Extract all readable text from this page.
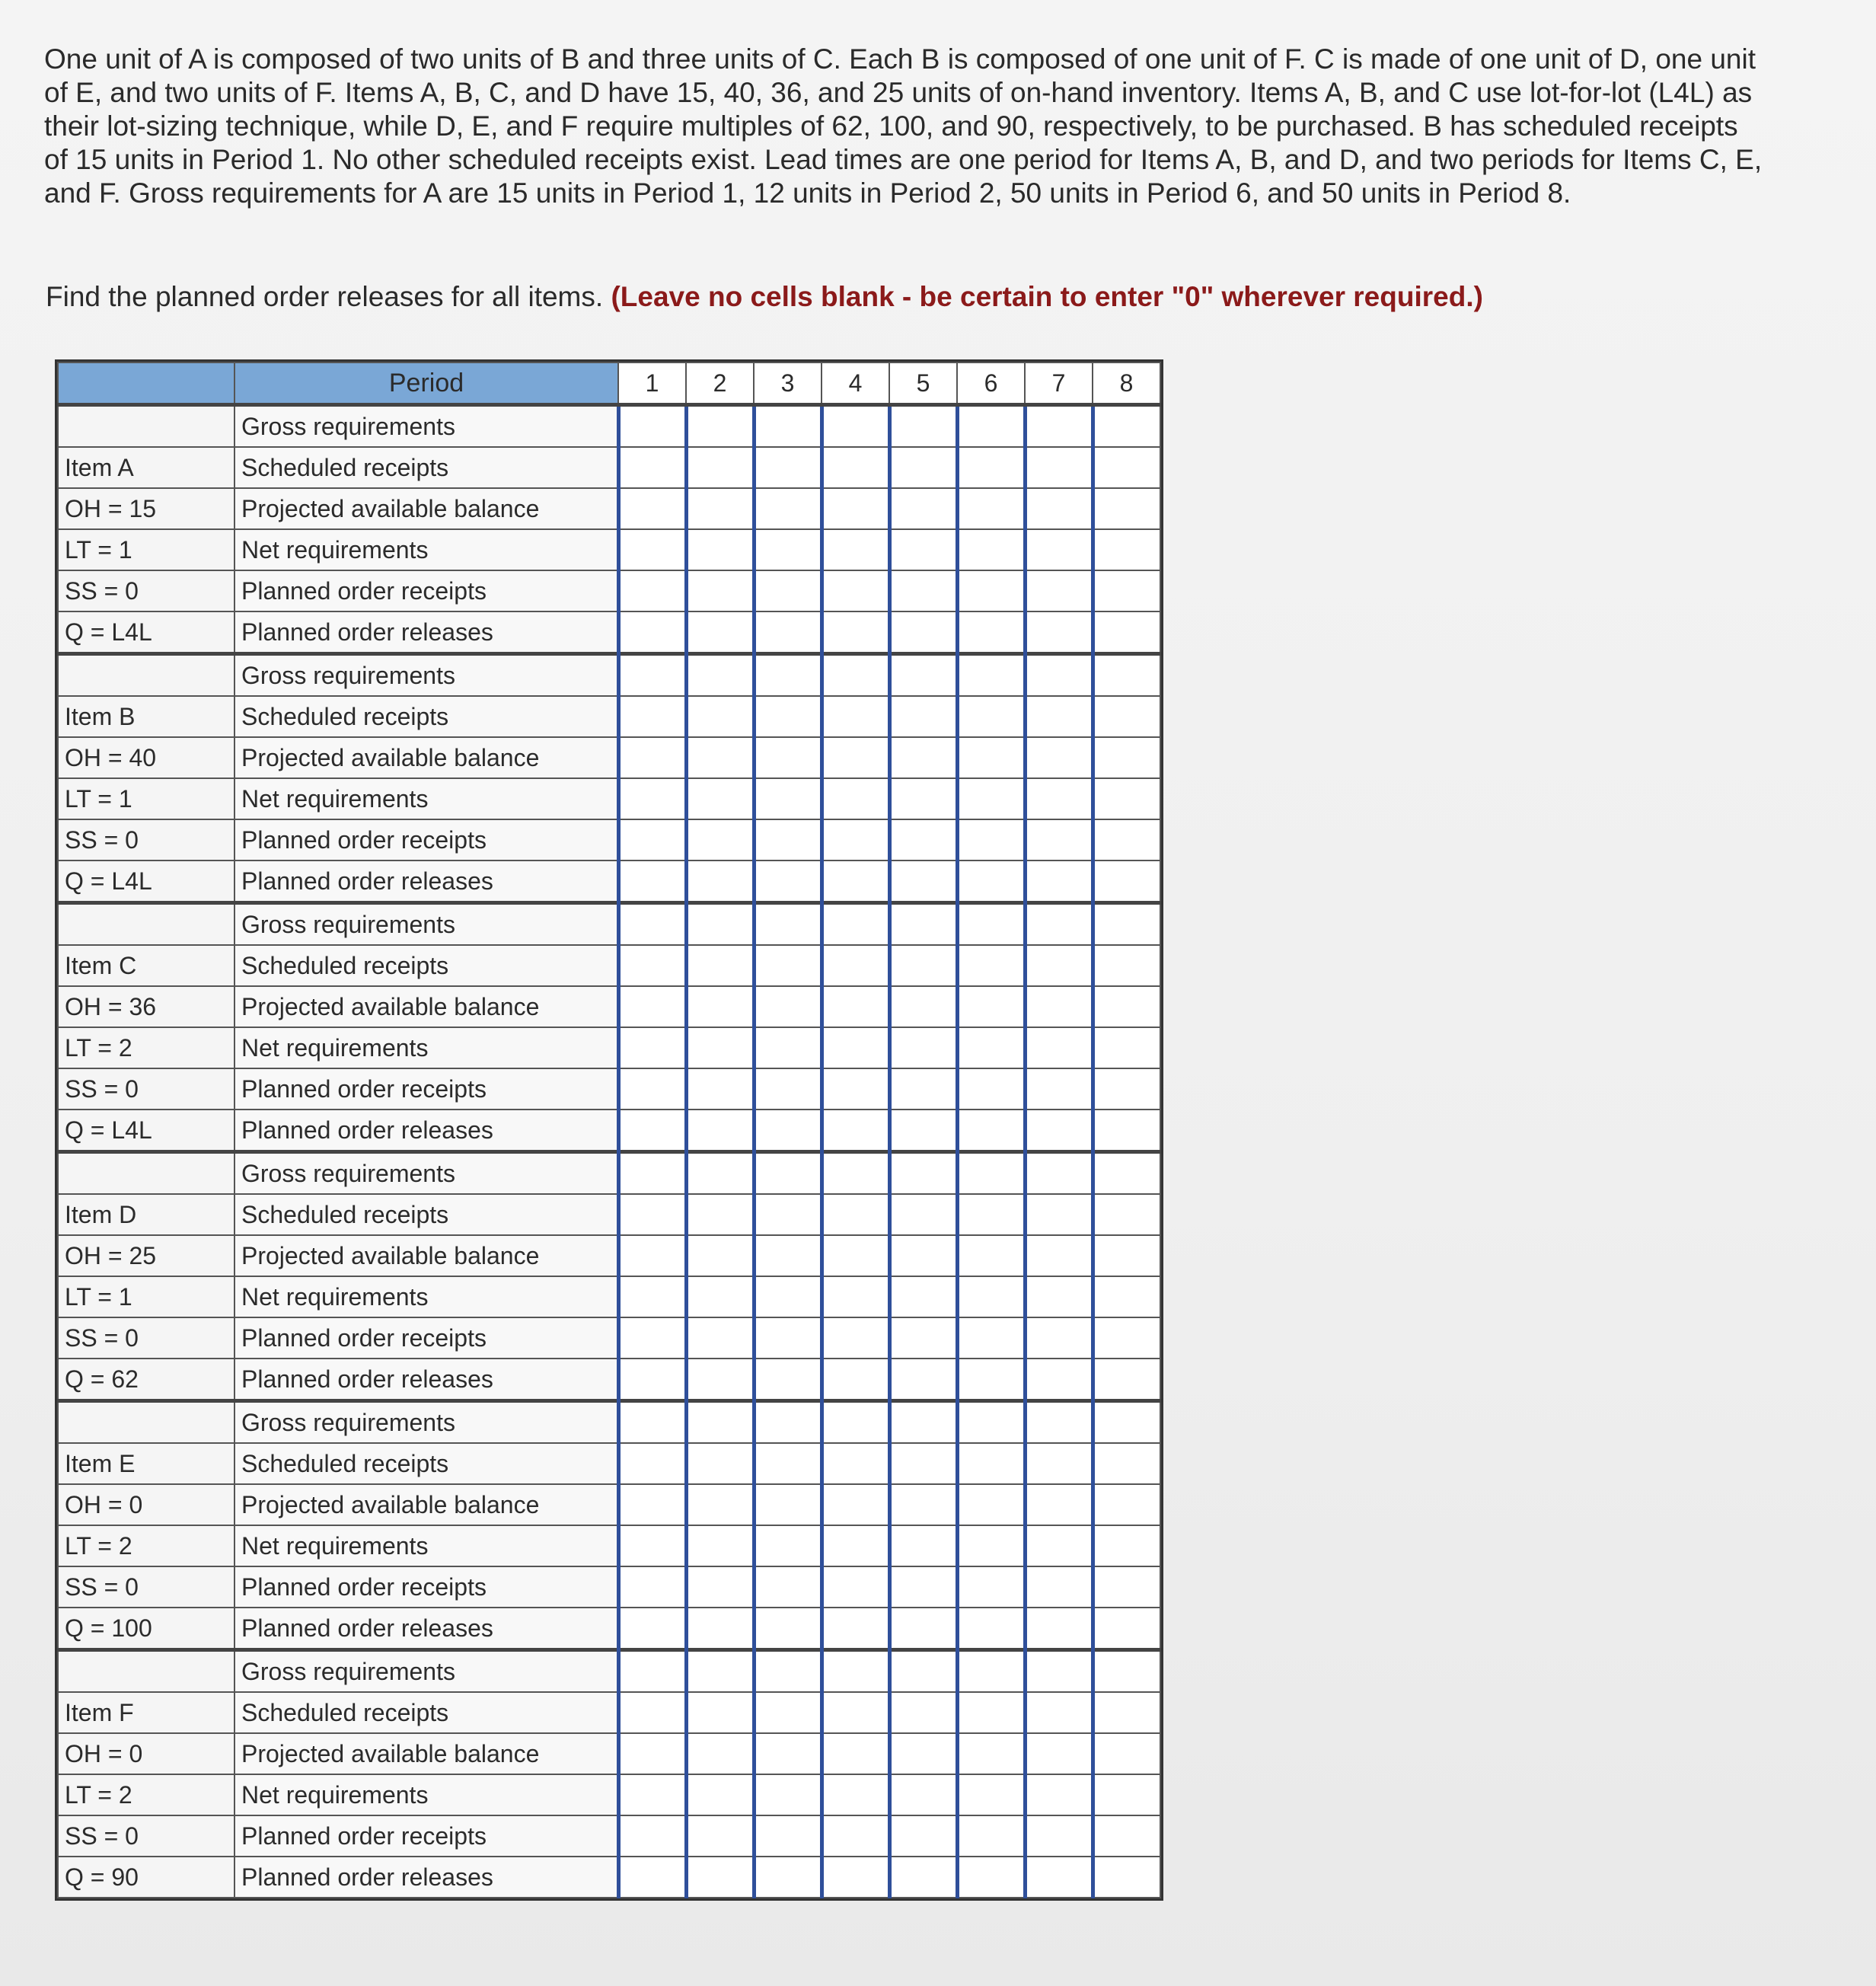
One unit of A is composed of two units of B and three units of C. Each B is composed of one unit of F. C is made of one unit of D, one unit of E, and two units of F. Items A, B, C, and D have 15, 40, 36, and 25 units of on-hand inventory. Items A, B, and C use lot-for-lot (L4L) as their lot-sizing technique, while D, E, and F require multiples of 62, 100, and 90, respectively, to be purchased. B has scheduled receipts of 15 units in Period 1. No other scheduled receipts exist. Lead times are one period for Items A, B, and D, and two periods for Items C, E, and F. Gross requirements for A are 15 units in Period 1, 12 units in Period 2, 50 units in Period 6, and 50 units in Period 8.
Find the planned order releases for all items. (Leave no cells blank - be certain to enter "0" wherever required.)
	Period	1	2	3	4	5	6	7	8
	Gross requirements								
Item A	Scheduled receipts								
OH = 15	Projected available balance								
LT = 1	Net requirements								
SS = 0	Planned order receipts								
Q = L4L	Planned order releases								
	Gross requirements								
Item B	Scheduled receipts								
OH = 40	Projected available balance								
LT = 1	Net requirements								
SS = 0	Planned order receipts								
Q = L4L	Planned order releases								
	Gross requirements								
Item C	Scheduled receipts								
OH = 36	Projected available balance								
LT = 2	Net requirements								
SS = 0	Planned order receipts								
Q = L4L	Planned order releases								
	Gross requirements								
Item D	Scheduled receipts								
OH = 25	Projected available balance								
LT = 1	Net requirements								
SS = 0	Planned order receipts								
Q = 62	Planned order releases								
	Gross requirements								
Item E	Scheduled receipts								
OH = 0	Projected available balance								
LT = 2	Net requirements								
SS = 0	Planned order receipts								
Q = 100	Planned order releases								
	Gross requirements								
Item F	Scheduled receipts								
OH = 0	Projected available balance								
LT = 2	Net requirements								
SS = 0	Planned order receipts								
Q = 90	Planned order releases								
